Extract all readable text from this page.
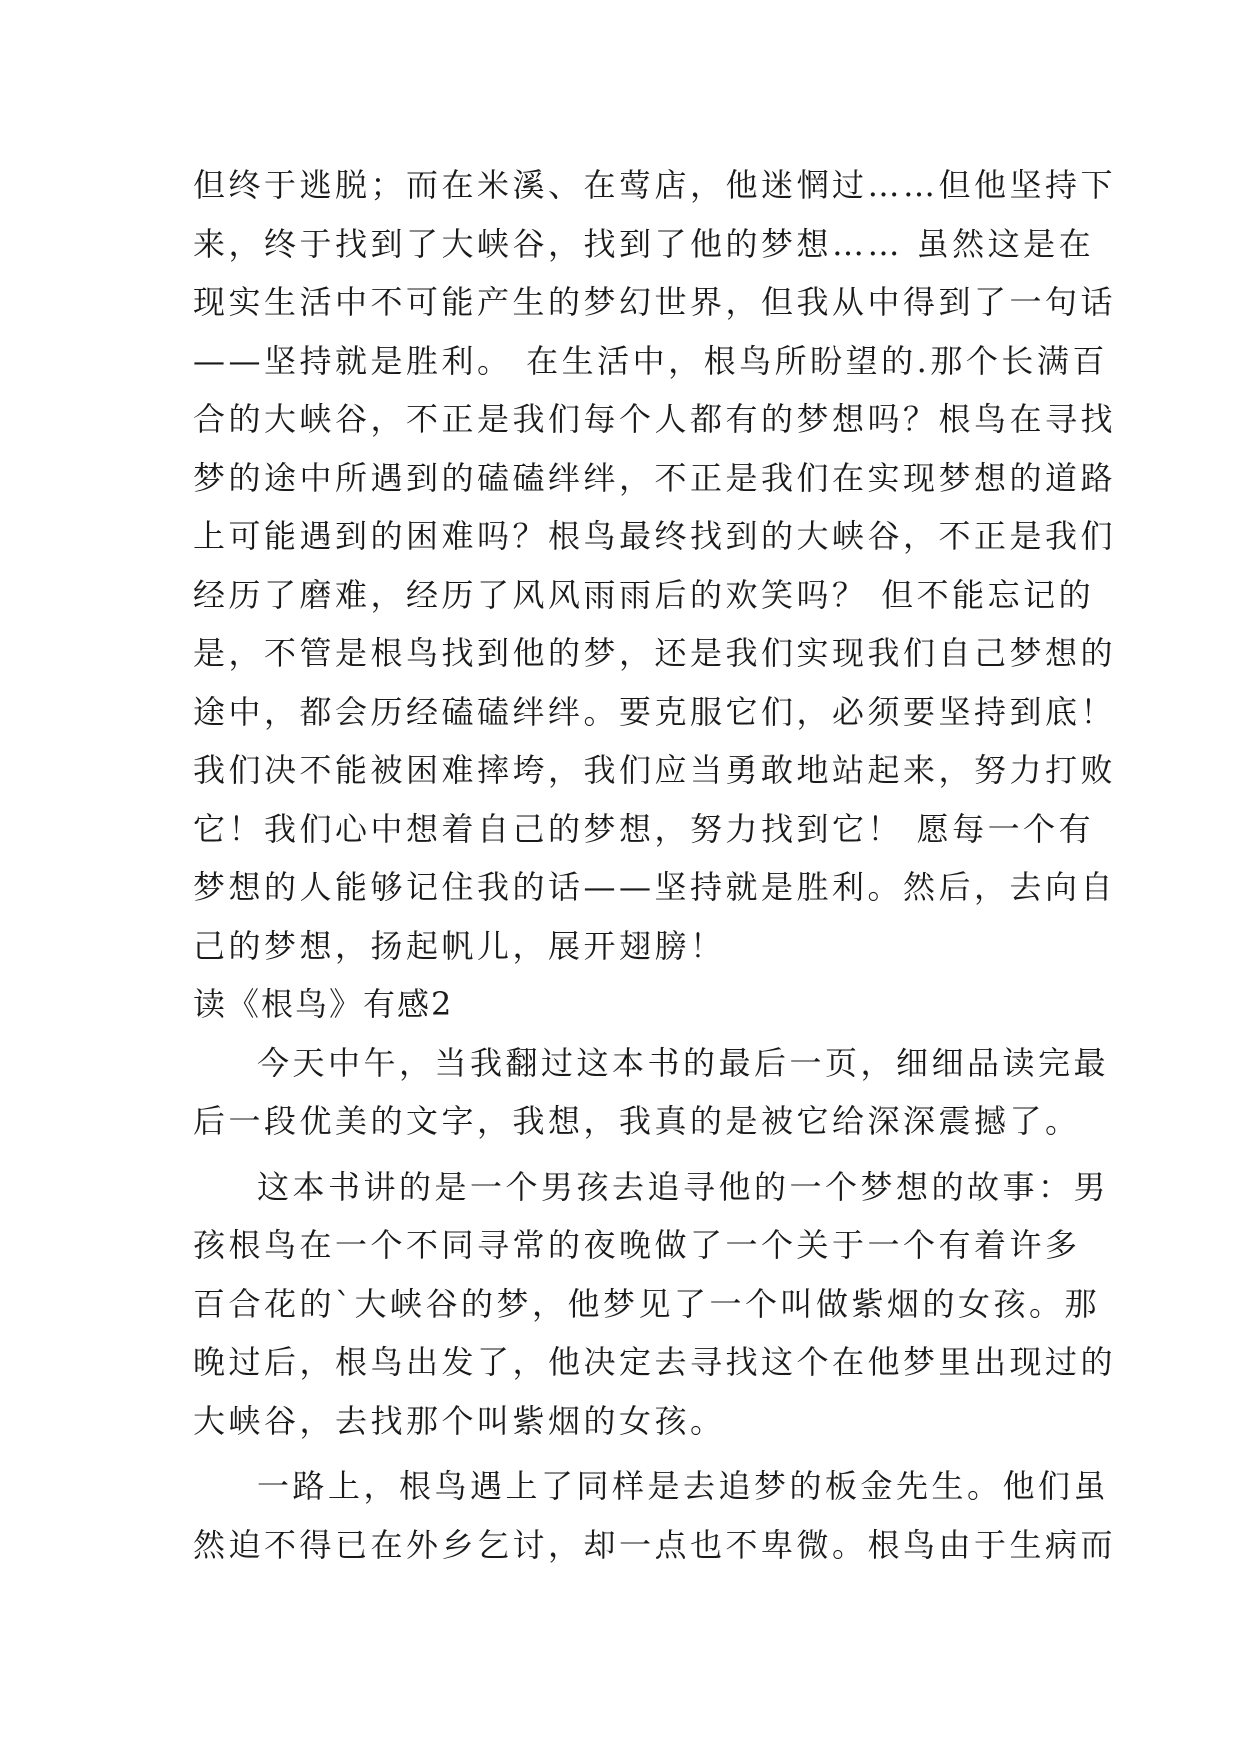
但终于逃脱；而在米溪、在莺店，他迷惘过……但他坚持下
来，终于找到了大峡谷，找到了他的梦想…… 虽然这是在
现实生活中不可能产生的梦幻世界，但我从中得到了一句话
——坚持就是胜利。 在生活中，根鸟所盼望的.那个长满百
合的大峡谷，不正是我们每个人都有的梦想吗？根鸟在寻找
梦的途中所遇到的磕磕绊绊，不正是我们在实现梦想的道路
上可能遇到的困难吗？根鸟最终找到的大峡谷，不正是我们
经历了磨难，经历了风风雨雨后的欢笑吗？ 但不能忘记的
是，不管是根鸟找到他的梦，还是我们实现我们自己梦想的
途中，都会历经磕磕绊绊。要克服它们，必须要坚持到底！
我们决不能被困难摔垮，我们应当勇敢地站起来，努力打败
它！我们心中想着自己的梦想，努力找到它！ 愿每一个有
梦想的人能够记住我的话——坚持就是胜利。然后，去向自
己的梦想，扬起帆儿，展开翅膀！
读《根鸟》有感2
今天中午，当我翻过这本书的最后一页，细细品读完最
后一段优美的文字，我想，我真的是被它给深深震撼了。
这本书讲的是一个男孩去追寻他的一个梦想的故事：男
孩根鸟在一个不同寻常的夜晚做了一个关于一个有着许多
百合花的`大峡谷的梦，他梦见了一个叫做紫烟的女孩。那
晚过后，根鸟出发了，他决定去寻找这个在他梦里出现过的
大峡谷，去找那个叫紫烟的女孩。
一路上，根鸟遇上了同样是去追梦的板金先生。他们虽
然迫不得已在外乡乞讨，却一点也不卑微。根鸟由于生病而
